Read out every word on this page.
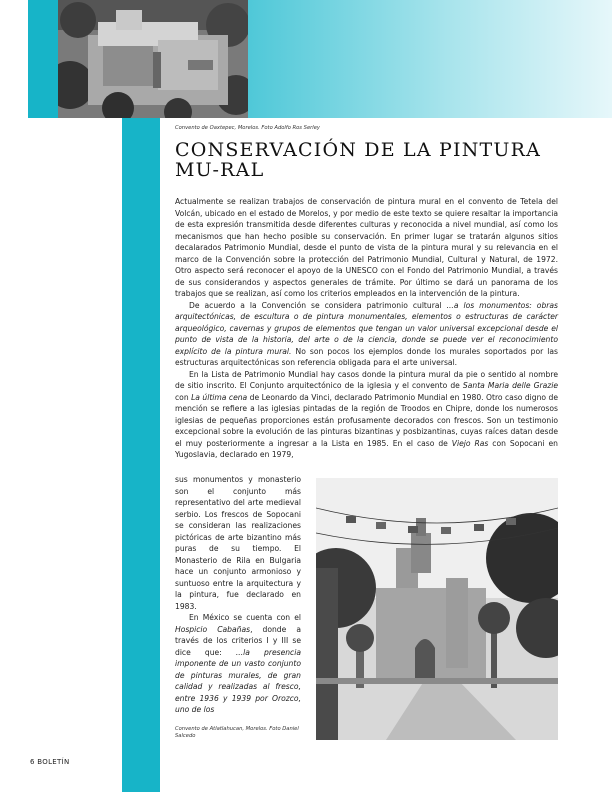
Convento de Oaxtepec, Morelos. Foto Adolfo Ros Serley
CONSERVACIÓN DE LA PINTURA MU-RAL

Actualmente se realizan trabajos de conservación de pintura mural en el convento de Tetela del Volcán, ubicado en el estado de Morelos, y por medio de este texto se quiere resaltar la importancia de esta expresión transmitida desde diferentes culturas y reconocida a nivel mundial, así como los mecanismos que han hecho posible su conservación. En primer lugar se tratarán algunos sitios decalarados Patrimonio Mundial, desde el punto de vista de la pintura mural y su relevancia en el marco de la Convención sobre la protección del Patrimonio Mundial, Cultural y Natural, de 1972. Otro aspecto será reconocer el apoyo de la UNESCO con el Fondo del Patrimonio Mundial, a través de sus considerandos y aspectos generales de trámite. Por último se dará un panorama de los trabajos que se realizan, así como los criterios empleados en la intervención de la pintura.

De acuerdo a la Convención se considera patrimonio cultural ...a los monumentos: obras arquitectónicas, de escultura o de pintura monumentales, elementos o estructuras de carácter arqueológico, cavernas y grupos de elementos que tengan un valor universal excepcional desde el punto de vista de la historia, del arte o de la ciencia, donde se puede ver el reconocimiento explícito de la pintura mural. No son pocos los ejemplos donde los murales soportados por las estructuras arquitectónicas son referencia obligada para el arte universal.

En la Lista de Patrimonio Mundial hay casos donde la pintura mural da pie o sentido al nombre de sitio inscrito. El Conjunto arquitectónico de la iglesia y el convento de Santa Maria delle Grazie con La última cena de Leonardo da Vinci, declarado Patrimonio Mundial en 1980. Otro caso digno de mención se refiere a las iglesias pintadas de la región de Troodos en Chipre, donde los numerosos iglesias de pequeñas proporciones están profusamente decorados con frescos. Son un testimonio excepcional sobre la evolución de las pinturas bizantinas y posbizantinas, cuyas raíces datan desde el muy posteriormente a ingresar a la Lista en 1985. En el caso de Viejo Ras con Sopocani en Yugoslavia, declarado en 1979,

sus monumentos y monasterio son el conjunto más representativo del arte medieval serbio. Los frescos de Sopocani se consideran las realizaciones pictóricas de arte bizantino más puras de su tiempo. El Monasterio de Rila en Bulgaria hace un conjunto armonioso y suntuoso entre la arquitectura y la pintura, fue declarado en 1983.

En México se cuenta con el Hospicio Cabañas, donde a través de los criterios I y III se dice que: ...la presencia imponente de un vasto conjunto de pinturas murales, de gran calidad y realizadas al fresco, entre 1936 y 1939 por Orozco, uno de los

Convento de Atlatlahucan, Morelos. Foto Daniel Salcedo
6 BOLETÍN
